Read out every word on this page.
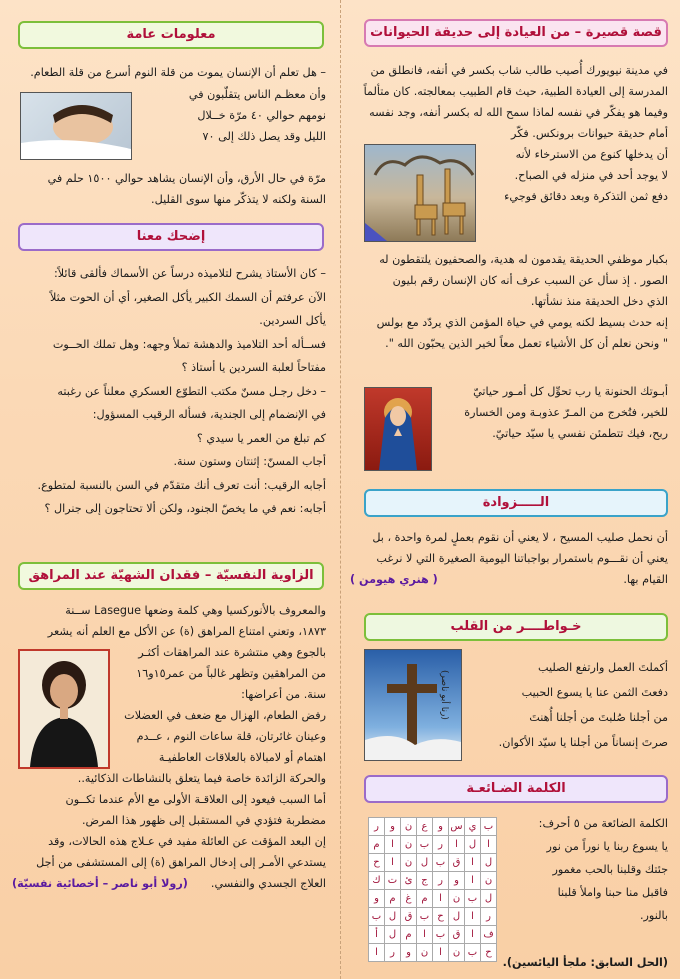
قصة قصيرة – من العيادة إلى حديقة الحيوانات
في مدينة نيويورك أُصيب طالب شاب بكسر في أنفه، فانطلق من
المدرسة إلى العيادة الطبية، حيث قام الطبيب بمعالجته. كان متألماً
وفيما هو يفكّر في نفسه لماذا سمح الله له بكسر أنفه، وجد نفسه
أمام حديقة حيوانات برونكس. فكّر
أن يدخلها كنوع من الاسترخاء لأنه
لا يوجد أحد في منزله في الصباح.
دفع ثمن التذكرة وبعد دقائق فوجيء
بكبار موظفي الحديقة يقدمون له هدية، والصحفيون يلتقطون له
الصور . إذ سأل عن السبب عرف أنه كان الإنسان رقم بليون
الذي دخل الحديقة منذ نشأتها.
إنه حدث بسيط لكنه يومي في حياة المؤمن الذي يردّد مع بولس
" ونحن نعلم أن كل الأشياء تعمل معاً لخير الذين يحبّون الله ".
أبـوتك الحنونة يا رب تحوِّل كل أمـور حياتيّ
للخير، فتُخرج من المـرّ عذوبـة ومن الخسارة
ربح، فيك تتطمئن نفسي يا سيّد حياتيّ.
الـــــزوادة
أن نحمل صليب المسيح ، لا يعني أن نقوم بعملٍ لمرة واحدة ، بل
يعني أن نقـــوم باستمرار بواجباتنا اليومية الصغيرة التي لا نرغب
القيام بها.
( هنري هيومن )
خـواطــــر من القلب
أكملتَ العمل وارتفع الصليب
دفعتَ الثمن عنا يا يسوع الحبيب
من أجلنا صُلبتَ من أجلنا أُهنتَ
صرتَ إنساناً من أجلنا يا سيّد الأكوان.
(رنا أبو ناصر)
الكلمة الضـائعـة
الكلمة الضائعة من ٥ أحرف:
يا يسوع ربنا يا نوراً من نور
جئتك وقلبنا بالحب مغمور
فاقبل منا حبنا واملأ قلبنا
بالنور.
ب	ي	س	و	ع	ن	و	ر
ا	ل	ا	ر	ب	ن	ا	م
ل	ا	ق	ب	ل	ن	ا	ح
ن	ا	و	ر	ج	ئ	ت	ك
ل	ب	ن	ا	م	غ	م	و
ر	ا	ل	ح	ب	ق	ل	ب
ف	ا	ق	ب	ا	م	ل	أ
ح	ب	ن	ا	ن	و	ر	ا
(الحل السابق: ملجأ اليائسين).
معلومات عامة
– هل تعلم أن الإنسان يموت من قلة النوم أسرع من قلة الطعام.
وأن معظـم الناس يتقلّبون في
نومهم حوالي ٤٠ مرّة خــلال
الليل وقد يصل ذلك إلى ٧٠
مرّة في حال الأرق، وأن الإنسان يشاهد حوالي ١٥٠٠ حلم في
السنة ولكنه لا يتذكّر منها سوى القليل.
إضحك معنا
– كان الأستاذ يشرح لتلاميذه درساً عن الأسماك فألقى قائلاً:
الآن عرفتم أن السمك الكبير يأكل الصغير، أي أن الحوت مثلاً
يأكل السردين.
فســأله أحد التلاميذ والدهشة تملأ وجهه: وهل تملك الحــوت
مفتاحاً لعلبة السردين يا أستاذ ؟
– دخل رجـل مسنّ مكتب التطوّع العسكري معلناً عن رغبته
في الإنضمام إلى الجندية، فسأله الرقيب المسؤول:
كم تبلغ من العمر يا سيدي ؟
أجاب المسنّ: إثنتان وستون سنة.
أجابه الرقيب: أنت تعرف أنك متقدّم في السن بالنسبة لمتطوع.
أجابه: نعم في ما يخصّ الجنود، ولكن ألا تحتاجون إلى جنرال ؟
الزاوية النفسيّة – فقدان الشهيّة عند المراهق
والمعروف بالأنوركسيا وهي كلمة وضعها Lasegue ســنة
١٨٧٣، وتعني امتناع المراهق (ة) عن الأكل مع العلم أنه يشعر
بالجوع وهي منتشرة عند المراهقات أكثـر
من المراهقين وتظهر غالباً من عمر١٥و١٦
سنة. من أعراضها:
رفض الطعام، الهزال مع ضعف في العضلات
وعينان غائرتان، قلة ساعات النوم ، عــدم
اهتمام أو لامبالاة بالعلاقات العاطفيـة
والحركة الزائدة خاصة فيما يتعلق بالنشاطات الذكائية..
أما السبب فيعود إلى العلاقـة الأولى مع الأم عندما تكــون
مضطربة فتؤدي في المستقبل إلى ظهور هذا المرض.
إن البعد المؤقت عن العائلة مفيد في عـلاج هذه الحالات، وقد
يستدعي الأمـر إلى إدخال المراهق (ة) إلى المستشفى من أجل
العلاج الجسدي والنفسي.
(رولا أبو ناصر – أخصائية نفسيّة)
